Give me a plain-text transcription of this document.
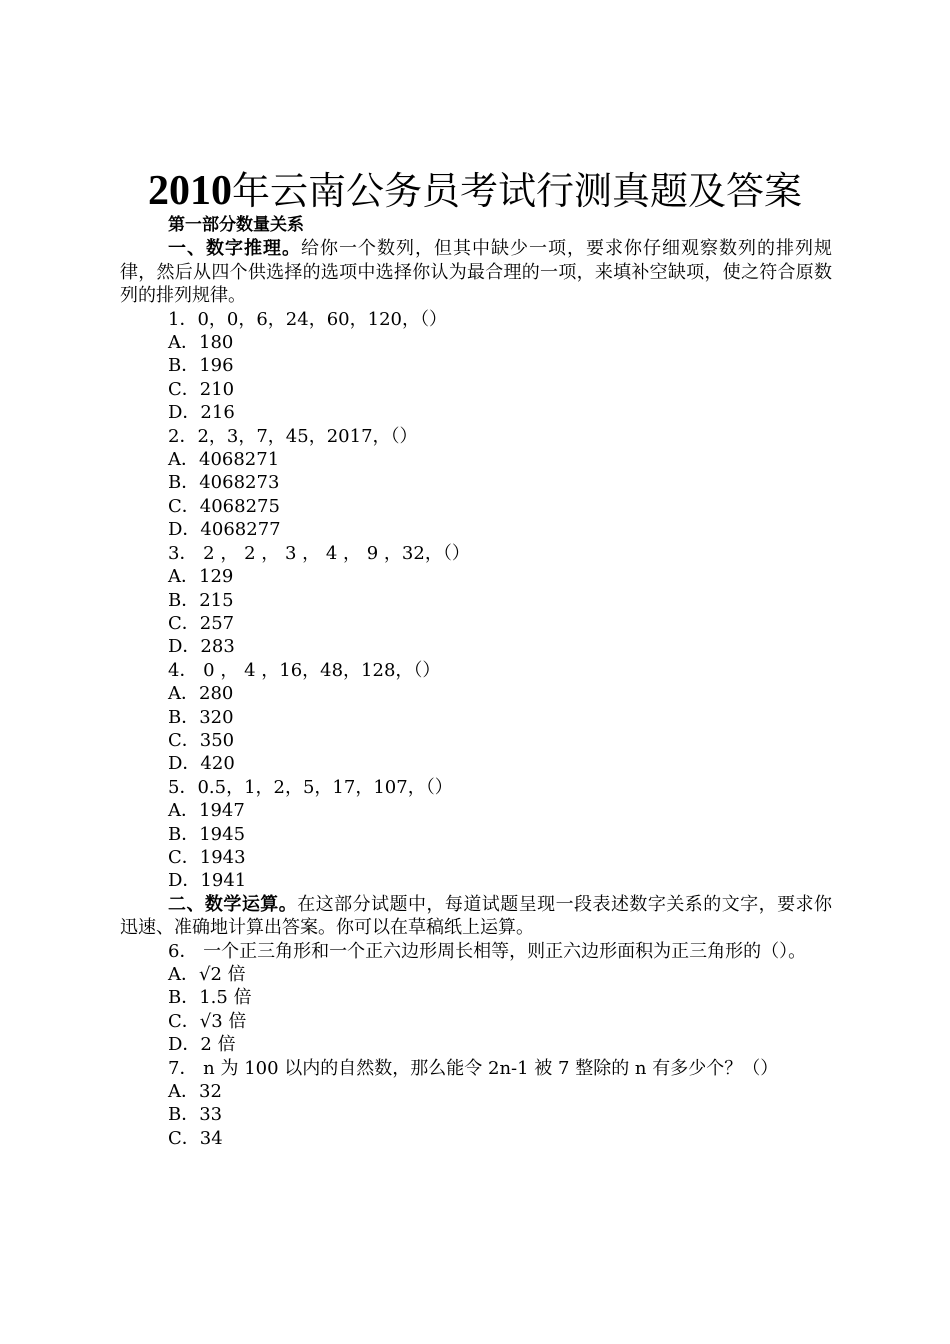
2010年云南公务员考试行测真题及答案
第一部分数量关系
一、数字推理。给你一个数列，但其中缺少一项，要求你仔细观察数列的排列规律，然后从四个供选择的选项中选择你认为最合理的一项，来填补空缺项，使之符合原数列的排列规律。
1．0，0，6，24，60，120，（）
A．180
B．196
C．210
D．216
2．2，3，7，45，2017，（）
A．4068271
B．4068273
C．4068275
D．4068277
3． 2 ， 2 ， 3 ， 4 ， 9 ，32，（）
A．129
B．215
C．257
D．283
4． 0 ， 4 ，16，48，128，（）
A．280
B．320
C．350
D．420
5．0.5，1，2，5，17，107，（）
A．1947
B．1945
C．1943
D．1941
二、数学运算。在这部分试题中，每道试题呈现一段表述数字关系的文字，要求你迅速、准确地计算出答案。你可以在草稿纸上运算。
6． 一个正三角形和一个正六边形周长相等，则正六边形面积为正三角形的（）。
A．√2 倍
B．1.5 倍
C．√3 倍
D．2 倍
7． n 为 100 以内的自然数，那么能令 2n-1 被 7 整除的 n 有多少个？（）
A．32
B．33
C．34
